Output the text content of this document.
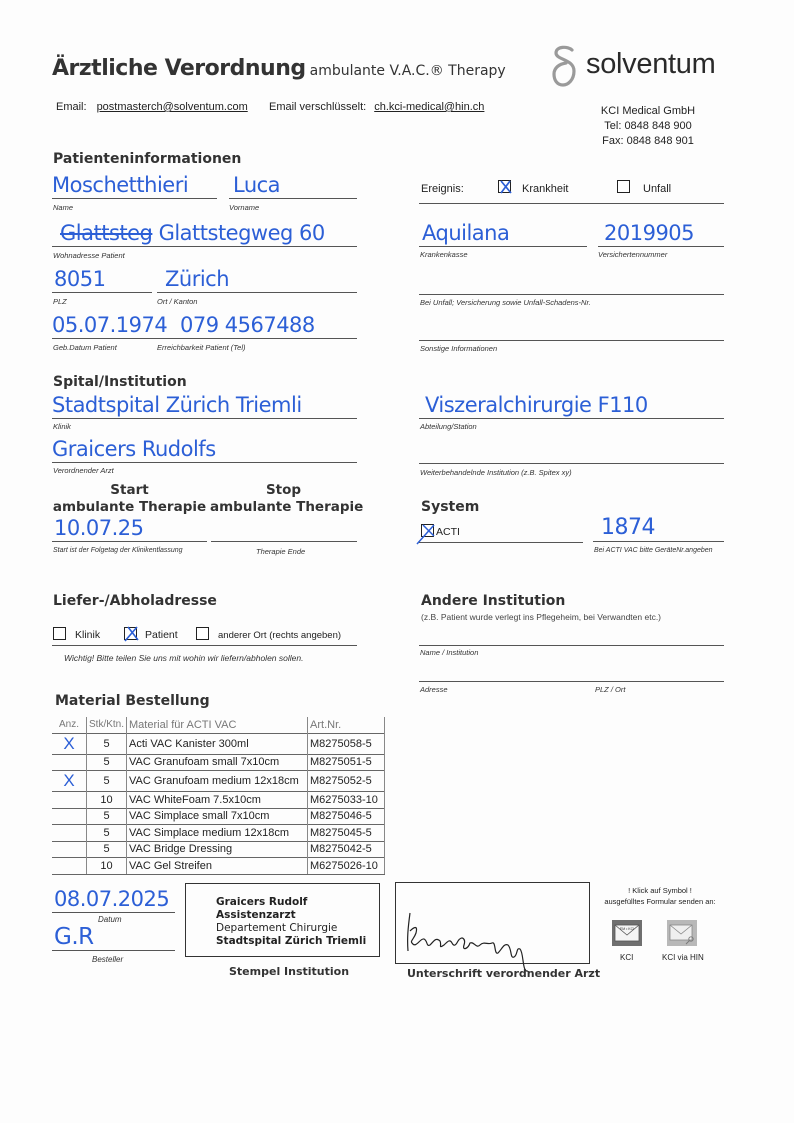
Ärztliche Verordnung ambulante V.A.C.® Therapy
Email: postmasterch@solventum.com Email verschlüsselt: ch.kci-medical@hin.ch
solventum
KCI Medical GmbH
Tel: 0848 848 900
Fax: 0848 848 901
Patienteninformationen
Moschetthieri
Name
Luca
Vorname
Glattsteg Glattstegweg 60
Wohnadresse Patient
8051
PLZ
Zürich
Ort / Kanton
05.07.1974 079 4567488
Geb.Datum Patient	Erreichbarkeit Patient (Tel)
Ereignis:	Krankheit	Unfall
Aquilana
Krankenkasse
2019905
Versichertennummer
Bei Unfall; Versicherung sowie Unfall-Schadens-Nr.
Sonstige Informationen
Spital/Institution
Stadtspital Zürich Triemli
Klinik
Graicers Rudolfs
Verordnender Arzt
Viszeralchirurgie F110
Abteilung/Station
Weiterbehandelnde Institution (z.B. Spitex xy)
Start
ambulante Therapie
Stop
ambulante Therapie
10.07.25
Start ist der Folgetag der Klinikentlassung	Therapie Ende
System
ACTI	1874
Bei ACTI VAC bitte GeräteNr.angeben
Liefer-/Abholadresse
Klinik	Patient	anderer Ort (rechts angeben)
Wichtig! Bitte teilen Sie uns mit wohin wir liefern/abholen sollen.
Andere Institution
(z.B. Patient wurde verlegt ins Pflegeheim, bei Verwandten etc.)
Name / Institution
Adresse	PLZ / Ort
Material Bestellung
Anz.	Stk/Ktn.	Material für ACTI VAC	Art.Nr.
X	5	Acti VAC Kanister 300ml	M8275058-5
	5	VAC Granufoam small 7x10cm	M8275051-5
X	5	VAC Granufoam medium 12x18cm	M8275052-5
	10	VAC WhiteFoam 7.5x10cm	M6275033-10
	5	VAC Simplace small 7x10cm	M8275046-5
	5	VAC Simplace medium 12x18cm	M8275045-5
	5	VAC Bridge Dressing	M8275042-5
	10	VAC Gel Streifen	M6275026-10
08.07.2025
Datum
G.R
Besteller
Graicers Rudolf
Assistenzarzt
Departement Chirurgie
Stadtspital Zürich Triemli
Stempel Institution	Unterschrift verordnender Arzt
! Klick auf Symbol !
ausgefülltes Formular senden an:
EM • KCI
KCI	KCI via HIN
